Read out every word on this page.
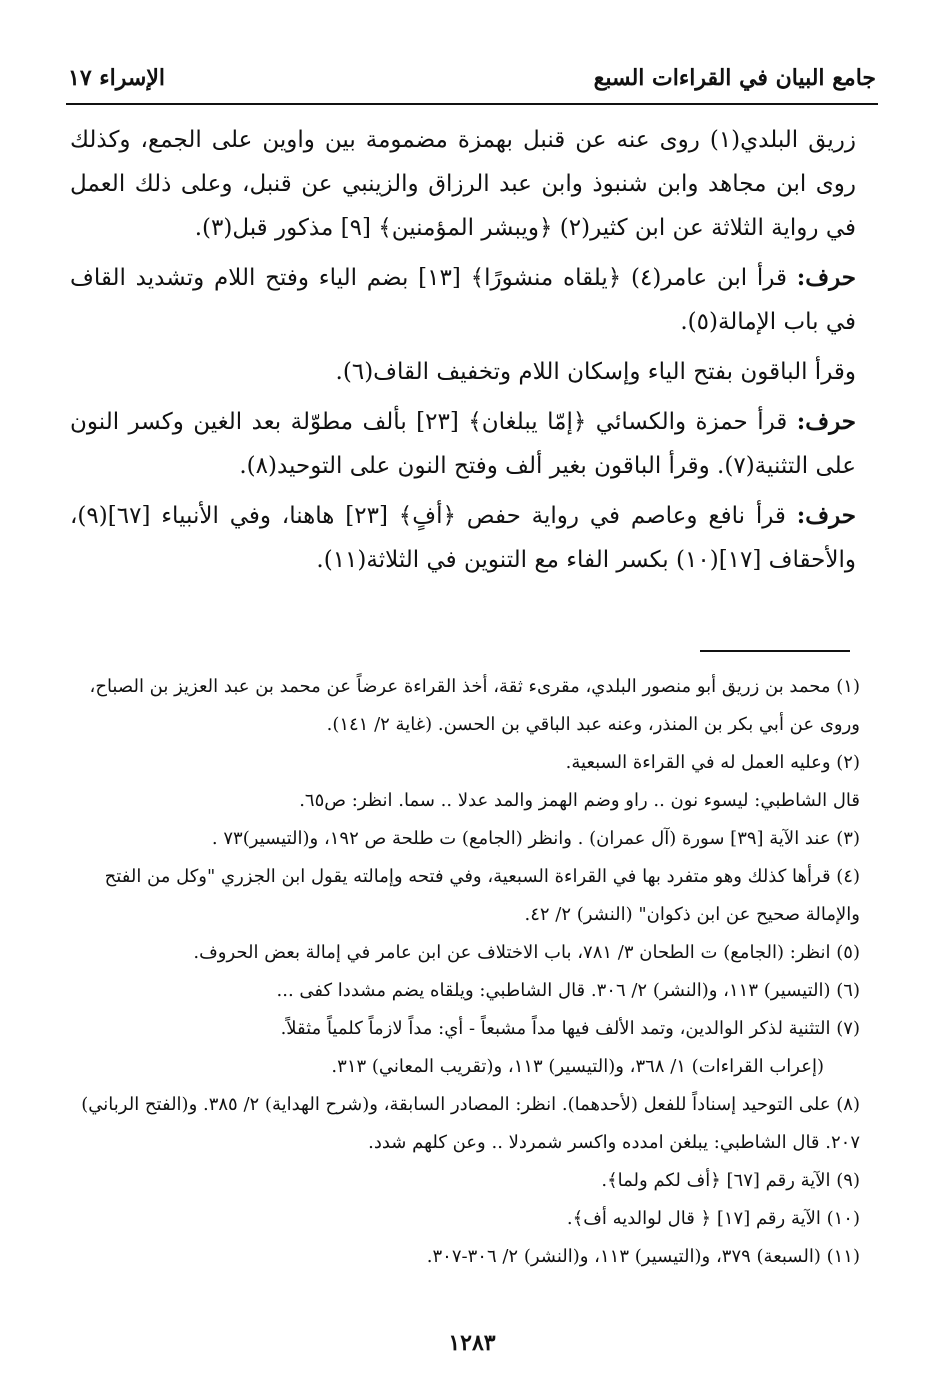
جامع البيان في القراءات السبع
الإسراء ١٧

زريق البلدي(١) روى عنه عن قنبل بهمزة مضمومة بين واوين على الجمع، وكذلك روى ابن مجاهد وابن شنبوذ وابن عبد الرزاق والزينبي عن قنبل، وعلى ذلك العمل في رواية الثلاثة عن ابن كثير(٢) ﴿ويبشر المؤمنين﴾ [٩] مذكور قبل(٣).

حرف: قرأ ابن عامر(٤) ﴿يلقاه منشورًا﴾ [١٣] بضم الياء وفتح اللام وتشديد القاف في باب الإمالة(٥).

وقرأ الباقون بفتح الياء وإسكان اللام وتخفيف القاف(٦).

حرف: قرأ حمزة والكسائي ﴿إمّا يبلغان﴾ [٢٣] بألف مطوّلة بعد الغين وكسر النون على التثنية(٧). وقرأ الباقون بغير ألف وفتح النون على التوحيد(٨).

حرف: قرأ نافع وعاصم في رواية حفص ﴿أفٍ﴾ [٢٣] هاهنا، وفي الأنبياء [٦٧](٩)، والأحقاف [١٧](١٠) بكسر الفاء مع التنوين في الثلاثة(١١).

(١) محمد بن زريق أبو منصور البلدي، مقرىء ثقة، أخذ القراءة عرضاً عن محمد بن عبد العزيز بن الصباح، وروى عن أبي بكر بن المنذر، وعنه عبد الباقي بن الحسن. (غاية ٢/ ١٤١).

(٢) وعليه العمل له في القراءة السبعية.

قال الشاطبي: ليسوء نون .. راو وضم الهمز والمد عدلا .. سما. انظر: ص٦٥.

(٣) عند الآية [٣٩] سورة (آل عمران) . وانظر (الجامع) ت طلحة ص ١٩٢، و(التيسير)٧٣ .

(٤) قرأها كذلك وهو متفرد بها في القراءة السبعية، وفي فتحه وإمالته يقول ابن الجزري "وكل من الفتح والإمالة صحيح عن ابن ذكوان" (النشر) ٢/ ٤٢.

(٥) انظر: (الجامع) ت الطحان ٣/ ٧٨١، باب الاختلاف عن ابن عامر في إمالة بعض الحروف.

(٦) (التيسير) ١١٣، و(النشر) ٢/ ٣٠٦. قال الشاطبي: ويلقاه يضم مشددا كفى ...

(٧) التثنية لذكر الوالدين، وتمد الألف فيها مداً مشبعاً - أي: مداً لازماً كلمياً مثقلاً.

(إعراب القراءات) ١/ ٣٦٨، و(التيسير) ١١٣، و(تقريب المعاني) ٣١٣.

(٨) على التوحيد إسناداً للفعل (لأحدهما). انظر: المصادر السابقة، و(شرح الهداية) ٢/ ٣٨٥. و(الفتح الرباني) ٢٠٧. قال الشاطبي: يبلغن امدده واكسر شمردلا .. وعن كلهم شدد.

(٩) الآية رقم [٦٧] ﴿أف لكم ولما﴾.

(١٠) الآية رقم [١٧] ﴿ قال لوالديه أف﴾.

(١١) (السبعة) ٣٧٩، و(التيسير) ١١٣، و(النشر) ٢/ ٣٠٦-٣٠٧.

١٢٨٣
